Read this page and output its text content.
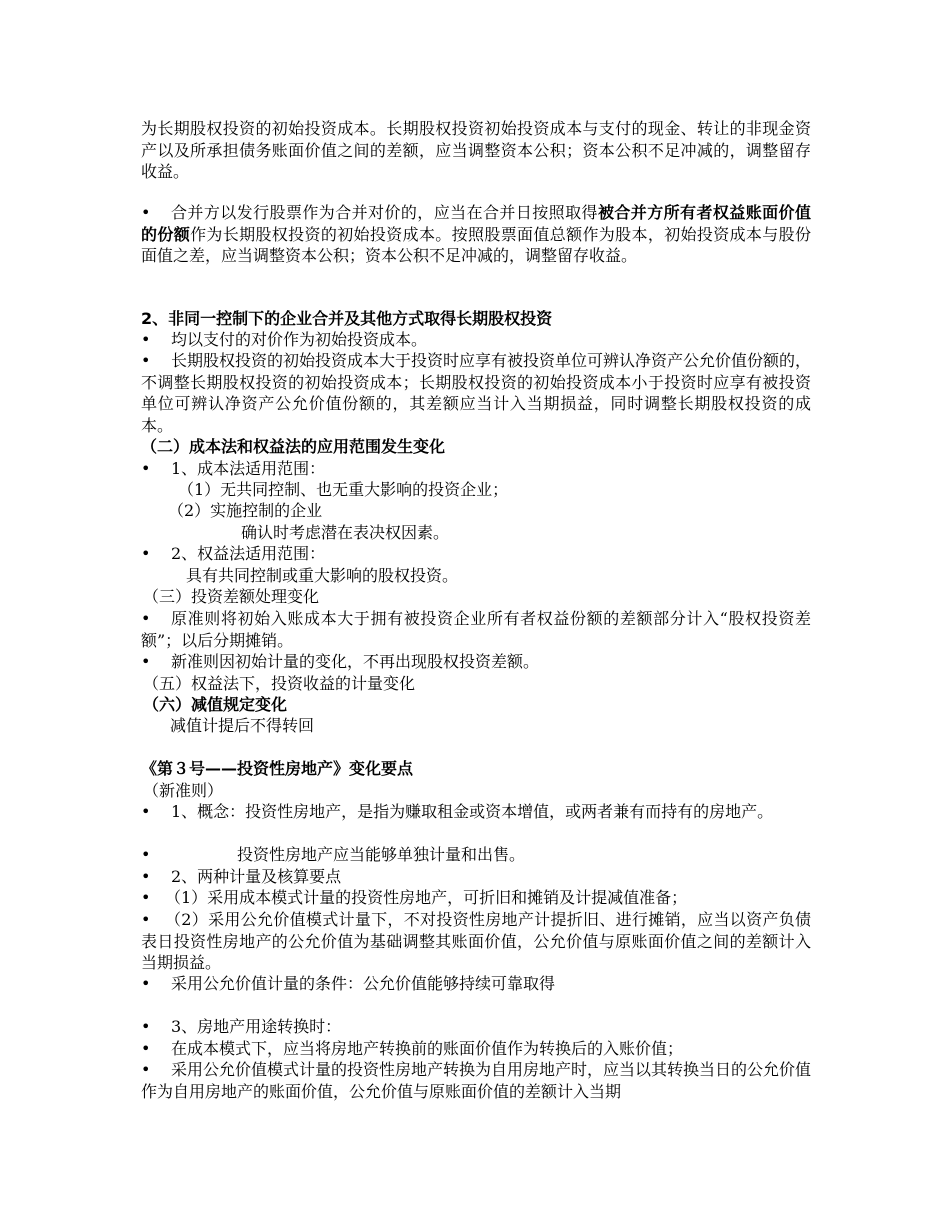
为长期股权投资的初始投资成本。长期股权投资初始投资成本与支付的现金、转让的非现金资产以及所承担债务账面价值之间的差额，应当调整资本公积；资本公积不足冲减的，调整留存收益。

• 合并方以发行股票作为合并对价的，应当在合并日按照取得被合并方所有者权益账面价值的份额作为长期股权投资的初始投资成本。按照股票面值总额作为股本，初始投资成本与股份面值之差，应当调整资本公积；资本公积不足冲减的，调整留存收益。

2、非同一控制下的企业合并及其他方式取得长期股权投资

• 均以支付的对价作为初始投资成本。

• 长期股权投资的初始投资成本大于投资时应享有被投资单位可辨认净资产公允价值份额的，不调整长期股权投资的初始投资成本；长期股权投资的初始投资成本小于投资时应享有被投资单位可辨认净资产公允价值份额的，其差额应当计入当期损益，同时调整长期股权投资的成本。

（二）成本法和权益法的应用范围发生变化

• 1、成本法适用范围：

（1）无共同控制、也无重大影响的投资企业；

（2）实施控制的企业

确认时考虑潜在表决权因素。

• 2、权益法适用范围：

具有共同控制或重大影响的股权投资。

（三）投资差额处理变化

• 原准则将初始入账成本大于拥有被投资企业所有者权益份额的差额部分计入“股权投资差额”；以后分期摊销。

• 新准则因初始计量的变化，不再出现股权投资差额。

（五）权益法下，投资收益的计量变化

（六）减值规定变化

减值计提后不得转回

《第３号——投资性房地产》变化要点

（新准则）

• 1、概念：投资性房地产，是指为赚取租金或资本增值，或两者兼有而持有的房地产。

•	投资性房地产应当能够单独计量和出售。

• 2、两种计量及核算要点

• （1）采用成本模式计量的投资性房地产，可折旧和摊销及计提减值准备；

• （2）采用公允价值模式计量下，不对投资性房地产计提折旧、进行摊销，应当以资产负债表日投资性房地产的公允价值为基础调整其账面价值，公允价值与原账面价值之间的差额计入当期损益。

• 采用公允价值计量的条件：公允价值能够持续可靠取得

• 3、房地产用途转换时：

• 在成本模式下，应当将房地产转换前的账面价值作为转换后的入账价值；

• 采用公允价值模式计量的投资性房地产转换为自用房地产时，应当以其转换当日的公允价值作为自用房地产的账面价值，公允价值与原账面价值的差额计入当期
